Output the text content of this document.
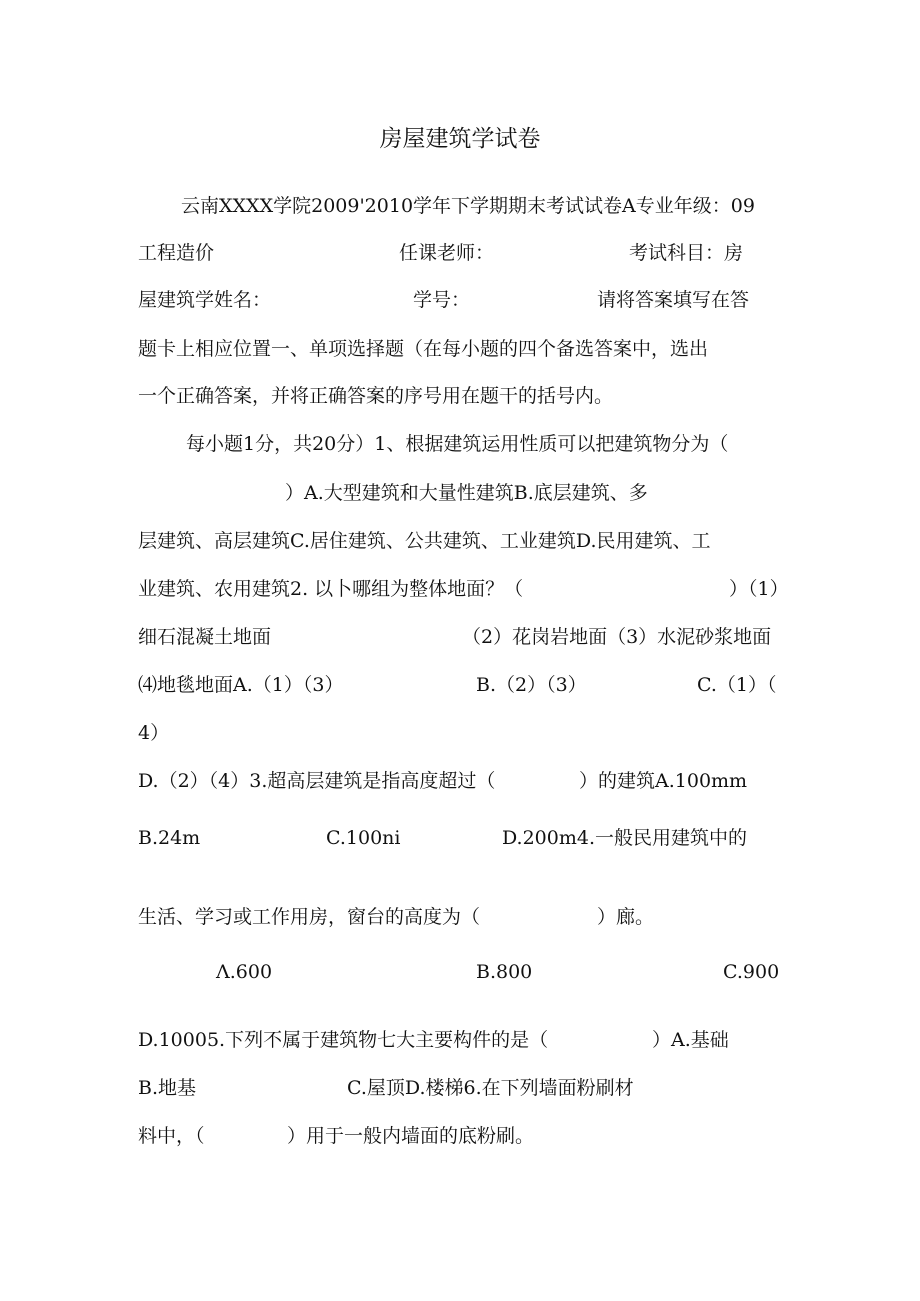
房屋建筑学试卷

云南XXXX学院2009'2010学年下学期期末考试试卷A专业年级：09

工程造价	任课老师：	考试科目：房

屋建筑学姓名：	学号：	请将答案填写在答

题卡上相应位置一、单项选择题（在每小题的四个备选答案中，选出

一个正确答案，并将正确答案的序号用在题干的括号内。

每小题1分，共20分）1、根据建筑运用性质可以把建筑物分为（

）A.大型建筑和大量性建筑B.底层建筑、多

层建筑、高层建筑C.居住建筑、公共建筑、工业建筑D.民用建筑、工

业建筑、农用建筑2. 以卜哪组为整体地面？（	）（1）

细石混凝土地面	（2）花岗岩地面（3）水泥砂浆地面

⑷地毯地面A.（1）（3）	B.（2）（3）	C.（1）（

4）

D.（2）（4）3.超高层建筑是指高度超过（	）的建筑A.100mm

B.24m	C.100ni	D.200m4.一般民用建筑中的

生活、学习或工作用房，窗台的高度为（	）廊。

Λ.600	B.800	C.900

D.10005.下列不属于建筑物七大主要构件的是（	）A.基础

B.地基	C.屋顶D.楼梯6.在下列墙面粉刷材

料中，（	）用于一般内墙面的底粉刷。
